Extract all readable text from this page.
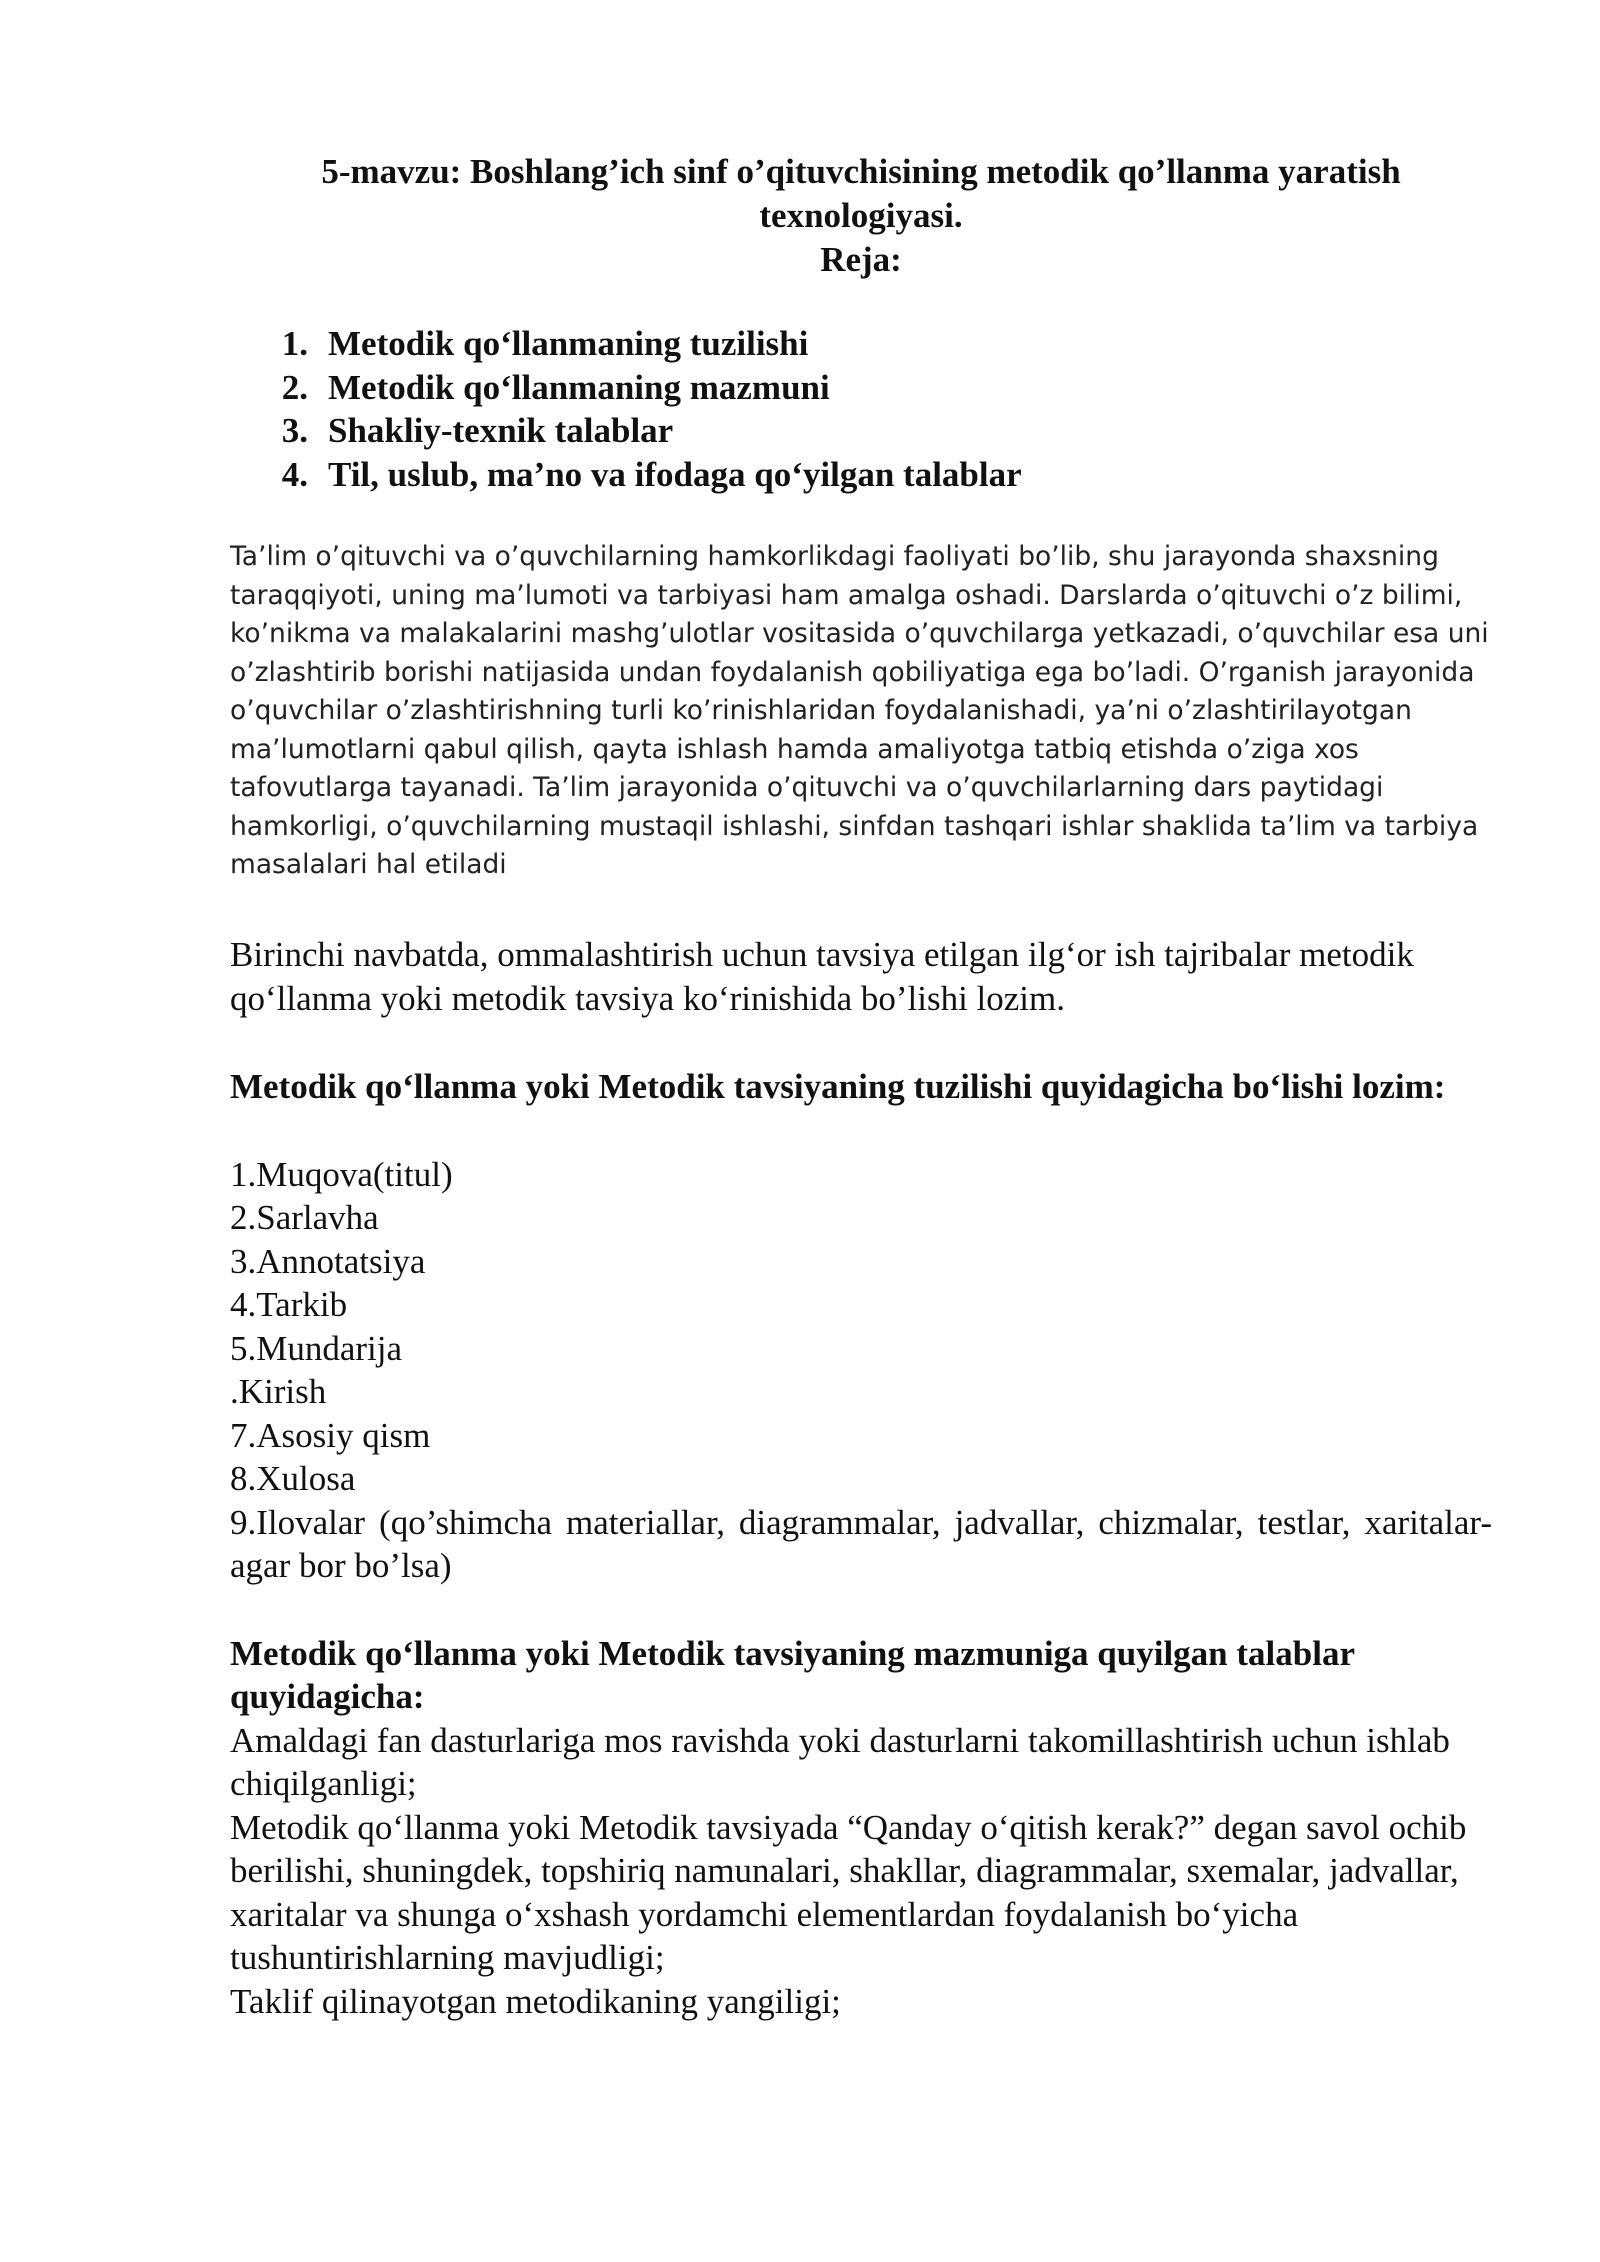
5-mavzu: Boshlang’ich sinf o’qituvchisining metodik qo’llanma yaratish
texnologiyasi.
Reja:
1. Metodik qo‘llanmaning tuzilishi
2. Metodik qo‘llanmaning mazmuni
3. Shakliy-texnik talablar
4. Til, uslub, ma’no va ifodaga qo‘yilgan talablar

Ta’lim o’qituvchi va o’quvchilarning hamkorlikdagi faoliyati bo’lib, shu jarayonda shaxsning taraqqiyoti, uning ma’lumoti va tarbiyasi ham amalga oshadi. Darslarda o’qituvchi o’z bilimi, ko’nikma va malakalarini mashg’ulotlar vositasida o’quvchilarga yetkazadi, o’quvchilar esa uni o’zlashtirib borishi natijasida undan foydalanish qobiliyatiga ega bo’ladi. O’rganish jarayonida o’quvchilar o’zlashtirishning turli ko’rinishlaridan foydalanishadi, ya’ni o’zlashtirilayotgan ma’lumotlarni qabul qilish, qayta ishlash hamda amaliyotga tatbiq etishda o’ziga xos tafovutlarga tayanadi. Ta’lim jarayonida o’qituvchi va o’quvchilarlarning dars paytidagi hamkorligi, o’quvchilarning mustaqil ishlashi, sinfdan tashqari ishlar shaklida ta’lim va tarbiya masalalari hal etiladi

Birinchi navbatda, ommalashtirish uchun tavsiya etilgan ilg‘or ish tajribalar metodik qo‘llanma yoki metodik tavsiya ko‘rinishida bo’lishi lozim.

Metodik qo‘llanma yoki Metodik tavsiyaning tuzilishi quyidagicha bo‘lishi lozim:

1.Muqova(titul)
2.Sarlavha
3.Annotatsiya
4.Tarkib
5.Mundarija
.Kirish
7.Asosiy qism
8.Xulosa
9.Ilovalar (qo’shimcha materiallar, diagrammalar, jadvallar, chizmalar, testlar, xaritalar-agar bor bo’lsa)

Metodik qo‘llanma yoki Metodik tavsiyaning mazmuniga quyilgan talablar quyidagicha:

Amaldagi fan dasturlariga mos ravishda yoki dasturlarni takomillashtirish uchun ishlab chiqilganligi;

Metodik qo‘llanma yoki Metodik tavsiyada “Qanday o‘qitish kerak?” degan savol ochib berilishi, shuningdek, topshiriq namunalari, shakllar, diagrammalar, sxemalar, jadvallar, xaritalar va shunga o‘xshash yordamchi elementlardan foydalanish bo‘yicha tushuntirishlarning mavjudligi;

Taklif qilinayotgan metodikaning yangiligi;
